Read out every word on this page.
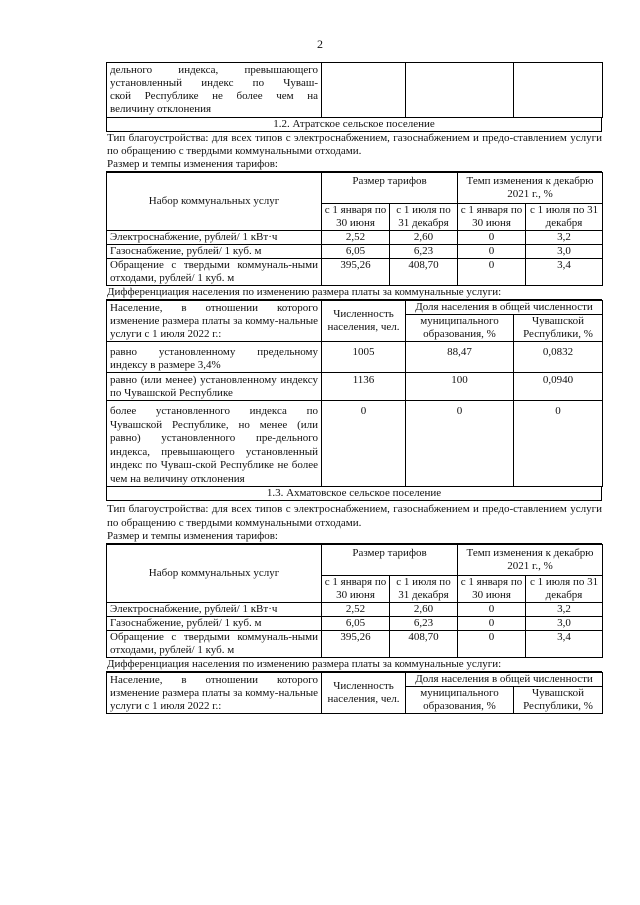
2
дельного индекса, превышающего
установленный индекс по Чуваш-
ской Республике не более чем на
величину отклонения

1.2. Атратское сельское поселение
Тип благоустройства: для всех типов с электроснабжением, газоснабжением и предо-ставлением услуги по обращению с твердыми коммунальными отходами.
Размер и темпы изменения тарифов:
Набор коммунальных услуг	Размер тарифов		Темп изменения к декабрю 2021 г., %	
	с 1 января по 30 июня	с 1 июля по 31 декабря	с 1 января по 30 июня	с 1 июля по 31 декабря
Электроснабжение, рублей/ 1 кВт·ч	2,52	2,60	0	3,2
Газоснабжение, рублей/ 1 куб. м	6,05	6,23	0	3,0
Обращение с твердыми коммуналь-ными отходами, рублей/ 1 куб. м	395,26	408,70	0	3,4
Дифференциация населения по изменению размера платы за коммунальные услуги:
Население, в отношении которого изменение размера платы за комму-нальные услуги с 1 июля 2022 г.:	Численность населения, чел.	Доля населения в общей численности	
		муниципального образования, %	Чувашской Республики, %
равно установленному предельному индексу в размере 3,4%	1005	88,47	0,0832
равно (или менее) установленному индексу по Чувашской Республике	1136	100	0,0940
более установленного индекса по Чувашской Республике, но менее (или равно) установленного пре-дельного индекса, превышающего установленный индекс по Чуваш-ской Республике не более чем на величину отклонения	0	0	0
1.3. Ахматовское сельское поселение
Тип благоустройства: для всех типов с электроснабжением, газоснабжением и предо-ставлением услуги по обращению с твердыми коммунальными отходами.
Размер и темпы изменения тарифов:
Набор коммунальных услуг	Размер тарифов		Темп изменения к декабрю 2021 г., %	
	с 1 января по 30 июня	с 1 июля по 31 декабря	с 1 января по 30 июня	с 1 июля по 31 декабря
Электроснабжение, рублей/ 1 кВт·ч	2,52	2,60	0	3,2
Газоснабжение, рублей/ 1 куб. м	6,05	6,23	0	3,0
Обращение с твердыми коммуналь-ными отходами, рублей/ 1 куб. м	395,26	408,70	0	3,4
Дифференциация населения по изменению размера платы за коммунальные услуги:
Население, в отношении которого изменение размера платы за комму-нальные услуги с 1 июля 2022 г.:	Численность населения, чел.	Доля населения в общей численности	
		муниципального образования, %	Чувашской Республики, %
